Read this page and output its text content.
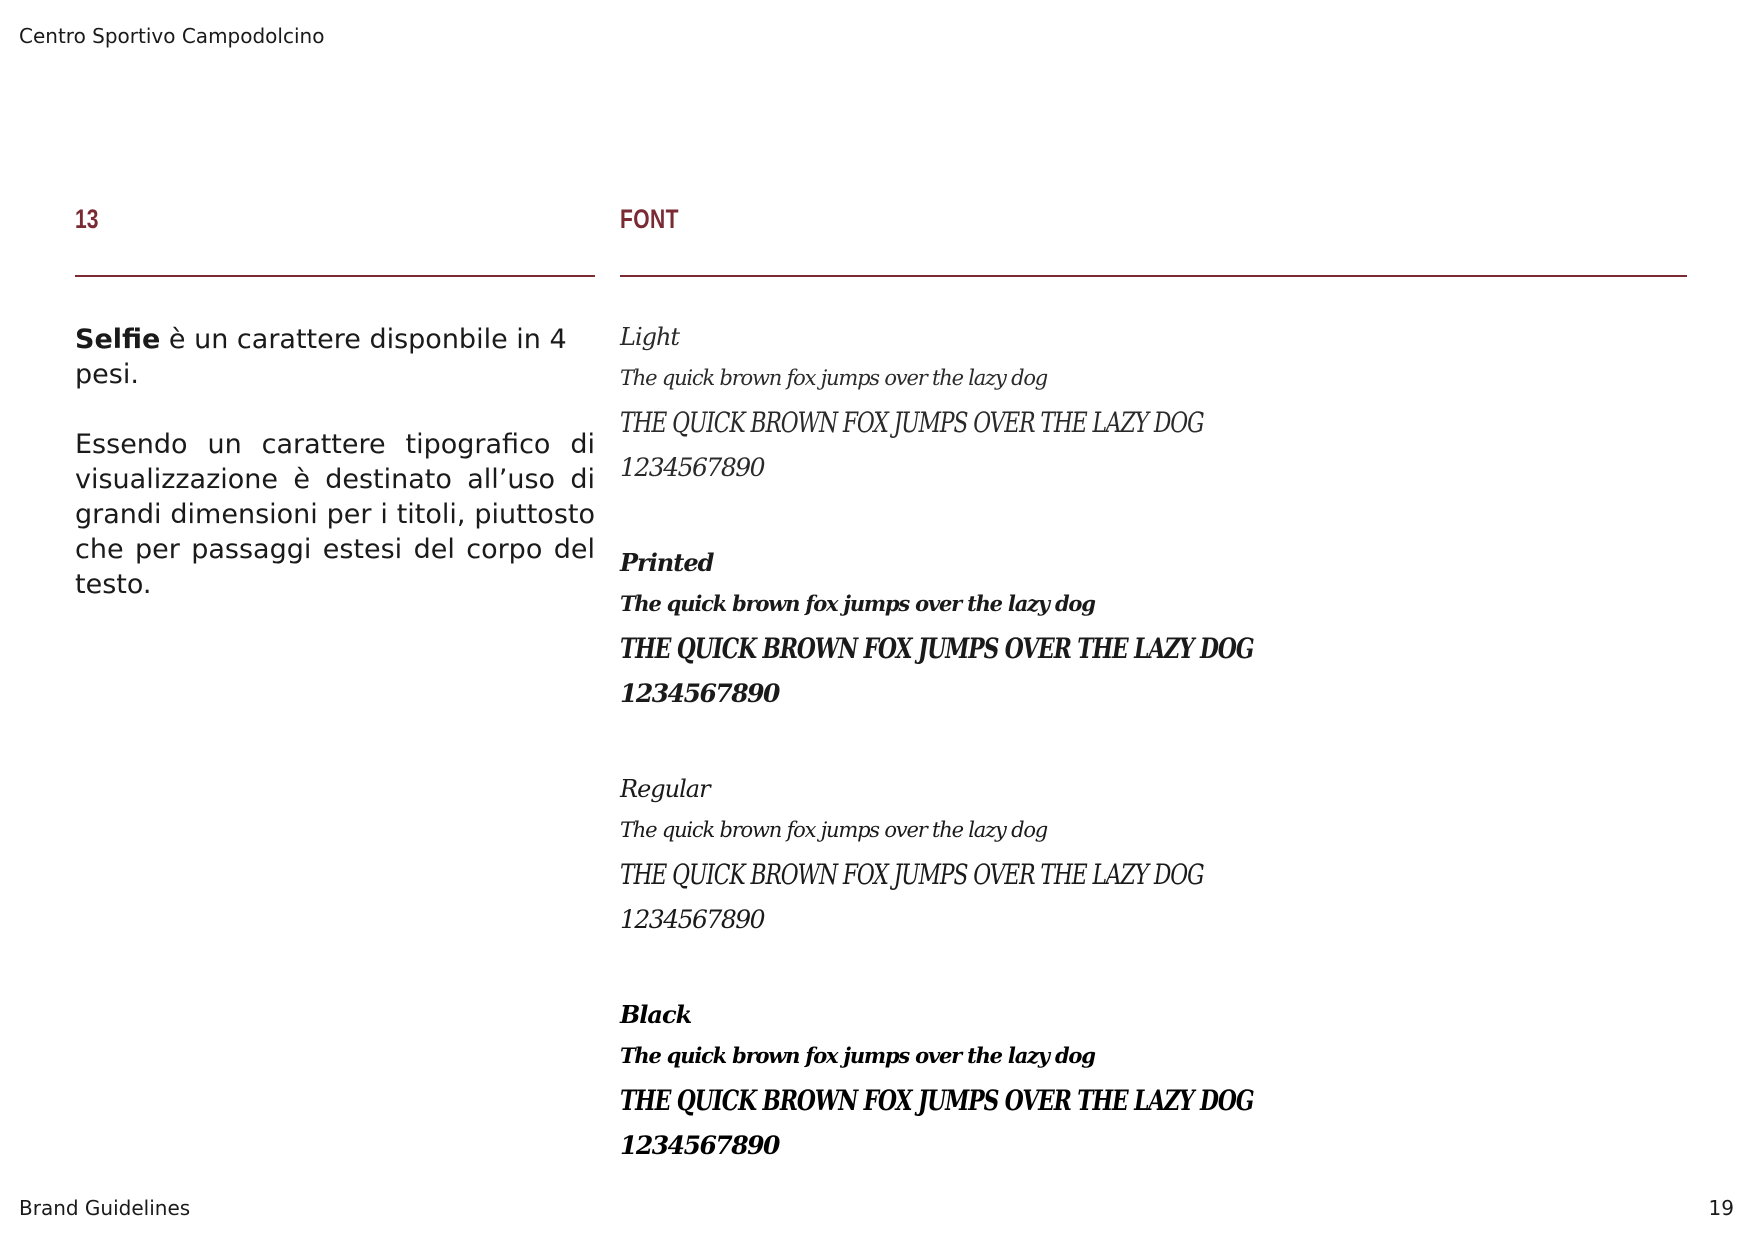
Centro Sportivo Campodolcino
13	FONT

Selfie è un carattere disponbile in 4 pesi.

Essendo un carattere tipografico di visualizzazione è destinato all’uso di grandi dimensioni per i titoli, piuttosto che per passaggi estesi del corpo del testo.

Light
The quick brown fox jumps over the lazy dog
THE QUICK BROWN FOX JUMPS OVER THE LAZY DOG
1234567890
Printed
The quick brown fox jumps over the lazy dog
THE QUICK BROWN FOX JUMPS OVER THE LAZY DOG
1234567890
Regular
The quick brown fox jumps over the lazy dog
THE QUICK BROWN FOX JUMPS OVER THE LAZY DOG
1234567890
Black
The quick brown fox jumps over the lazy dog
THE QUICK BROWN FOX JUMPS OVER THE LAZY DOG
1234567890
Brand Guidelines	19
